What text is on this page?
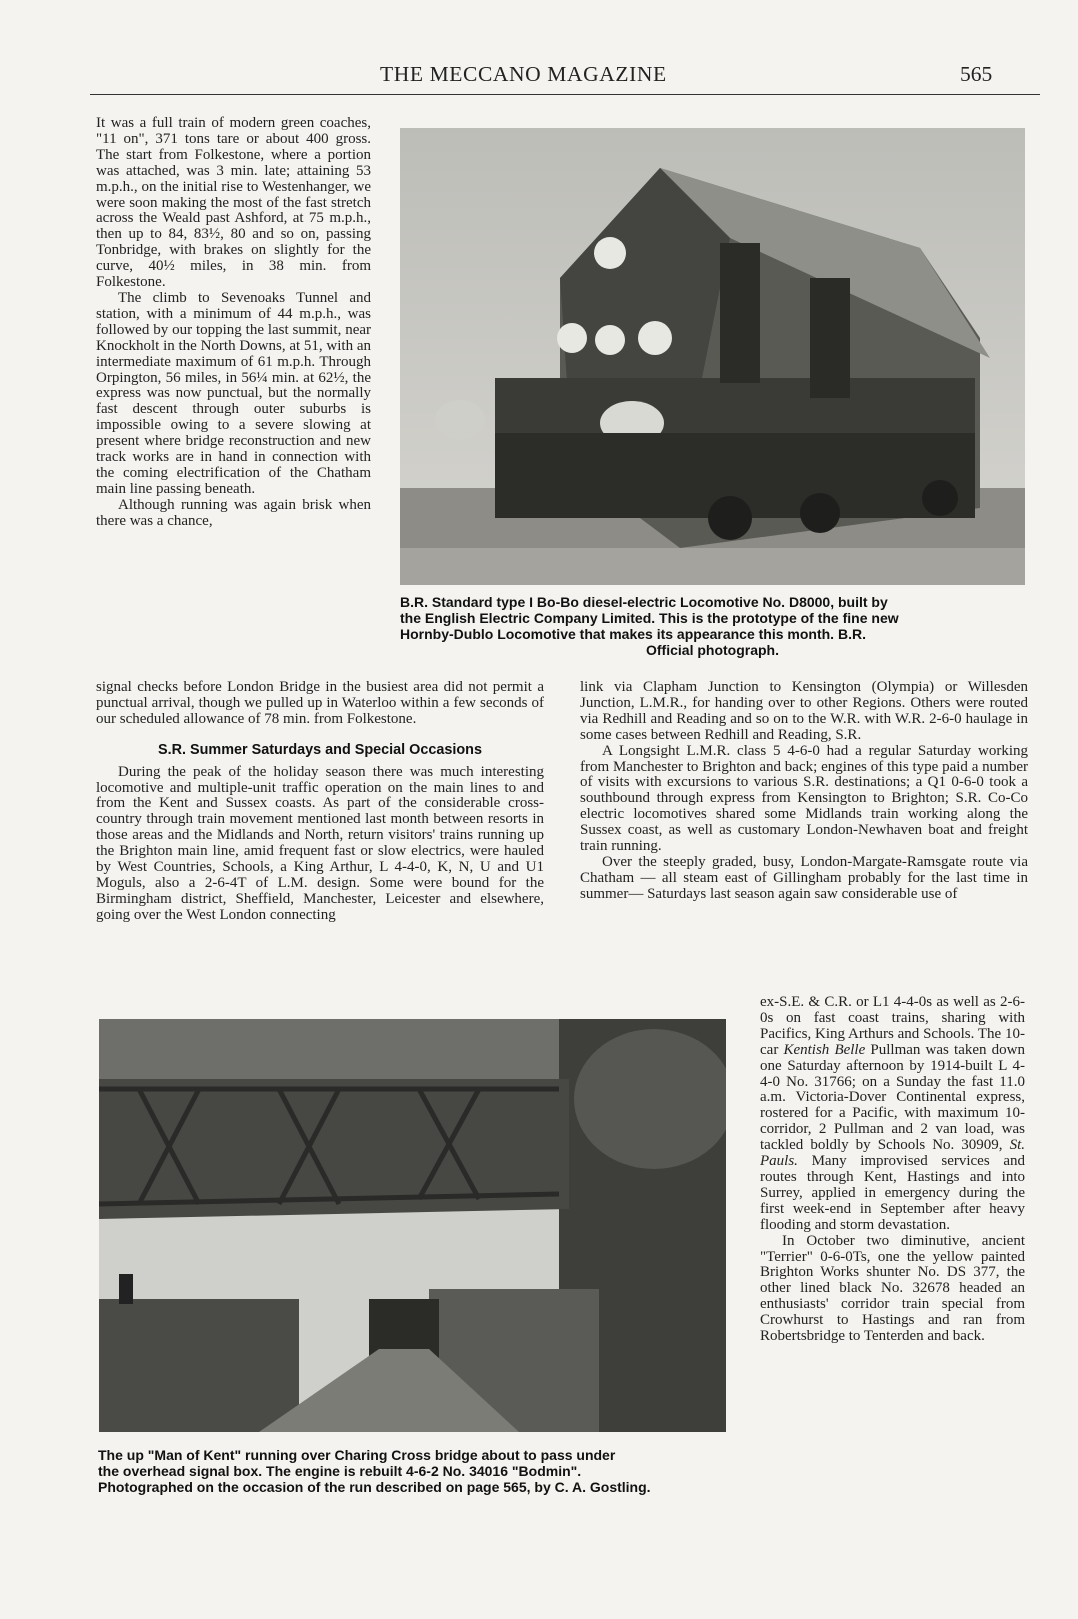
THE MECCANO MAGAZINE	565

It was a full train of modern green coaches, "11 on", 371 tons tare or about 400 gross. The start from Folkestone, where a portion was attached, was 3 min. late; attaining 53 m.p.h., on the initial rise to Westenhanger, we were soon making the most of the fast stretch across the Weald past Ashford, at 75 m.p.h., then up to 84, 83½, 80 and so on, passing Tonbridge, with brakes on slightly for the curve, 40½ miles, in 38 min. from Folkestone.

The climb to Sevenoaks Tunnel and station, with a minimum of 44 m.p.h., was followed by our topping the last summit, near Knockholt in the North Downs, at 51, with an intermediate maximum of 61 m.p.h. Through Orpington, 56 miles, in 56¼ min. at 62½, the express was now punctual, but the normally fast descent through outer suburbs is impossible owing to a severe slowing at present where bridge reconstruction and new track works are in hand in connection with the coming electrification of the Chatham main line passing beneath.

Although running was again brisk when there was a chance,

B.R. Standard type I Bo-Bo diesel-electric Locomotive No. D8000, built by
the English Electric Company Limited. This is the prototype of the fine new
Hornby-Dublo Locomotive that makes its appearance this month. B.R.
Official photograph.

signal checks before London Bridge in the busiest area did not permit a punctual arrival, though we pulled up in Waterloo within a few seconds of our scheduled allowance of 78 min. from Folkestone.

S.R. Summer Saturdays and Special Occasions

During the peak of the holiday season there was much interesting locomotive and multiple-unit traffic operation on the main lines to and from the Kent and Sussex coasts. As part of the considerable cross-country through train movement mentioned last month between resorts in those areas and the Midlands and North, return visitors' trains running up the Brighton main line, amid frequent fast or slow electrics, were hauled by West Countries, Schools, a King Arthur, L 4-4-0, K, N, U and U1 Moguls, also a 2-6-4T of L.M. design. Some were bound for the Birmingham district, Sheffield, Manchester, Leicester and elsewhere, going over the West London connecting

link via Clapham Junction to Kensington (Olympia) or Willesden Junction, L.M.R., for handing over to other Regions. Others were routed via Redhill and Reading and so on to the W.R. with W.R. 2-6-0 haulage in some cases between Redhill and Reading, S.R.

A Longsight L.M.R. class 5 4-6-0 had a regular Saturday working from Manchester to Brighton and back; engines of this type paid a number of visits with excursions to various S.R. destinations; a Q1 0-6-0 took a southbound through express from Kensington to Brighton; S.R. Co-Co electric locomotives shared some Midlands train working along the Sussex coast, as well as customary London-Newhaven boat and freight train running.

Over the steeply graded, busy, London-Margate-Ramsgate route via Chatham — all steam east of Gillingham probably for the last time in summer— Saturdays last season again saw considerable use of

The up "Man of Kent" running over Charing Cross bridge about to pass under
the overhead signal box. The engine is rebuilt 4-6-2 No. 34016 "Bodmin".
Photographed on the occasion of the run described on page 565, by C. A. Gostling.

ex-S.E. & C.R. or L1 4-4-0s as well as 2-6-0s on fast coast trains, sharing with Pacifics, King Arthurs and Schools. The 10-car Kentish Belle Pullman was taken down one Saturday afternoon by 1914-built L 4-4-0 No. 31766; on a Sunday the fast 11.0 a.m. Victoria-Dover Continental express, rostered for a Pacific, with maximum 10-corridor, 2 Pullman and 2 van load, was tackled boldly by Schools No. 30909, St. Pauls. Many improvised services and routes through Kent, Hastings and into Surrey, applied in emergency during the first week-end in September after heavy flooding and storm devastation.

In October two diminutive, ancient "Terrier" 0-6-0Ts, one the yellow painted Brighton Works shunter No. DS 377, the other lined black No. 32678 headed an enthusiasts' corridor train special from Crowhurst to Hastings and ran from Robertsbridge to Tenterden and back.
